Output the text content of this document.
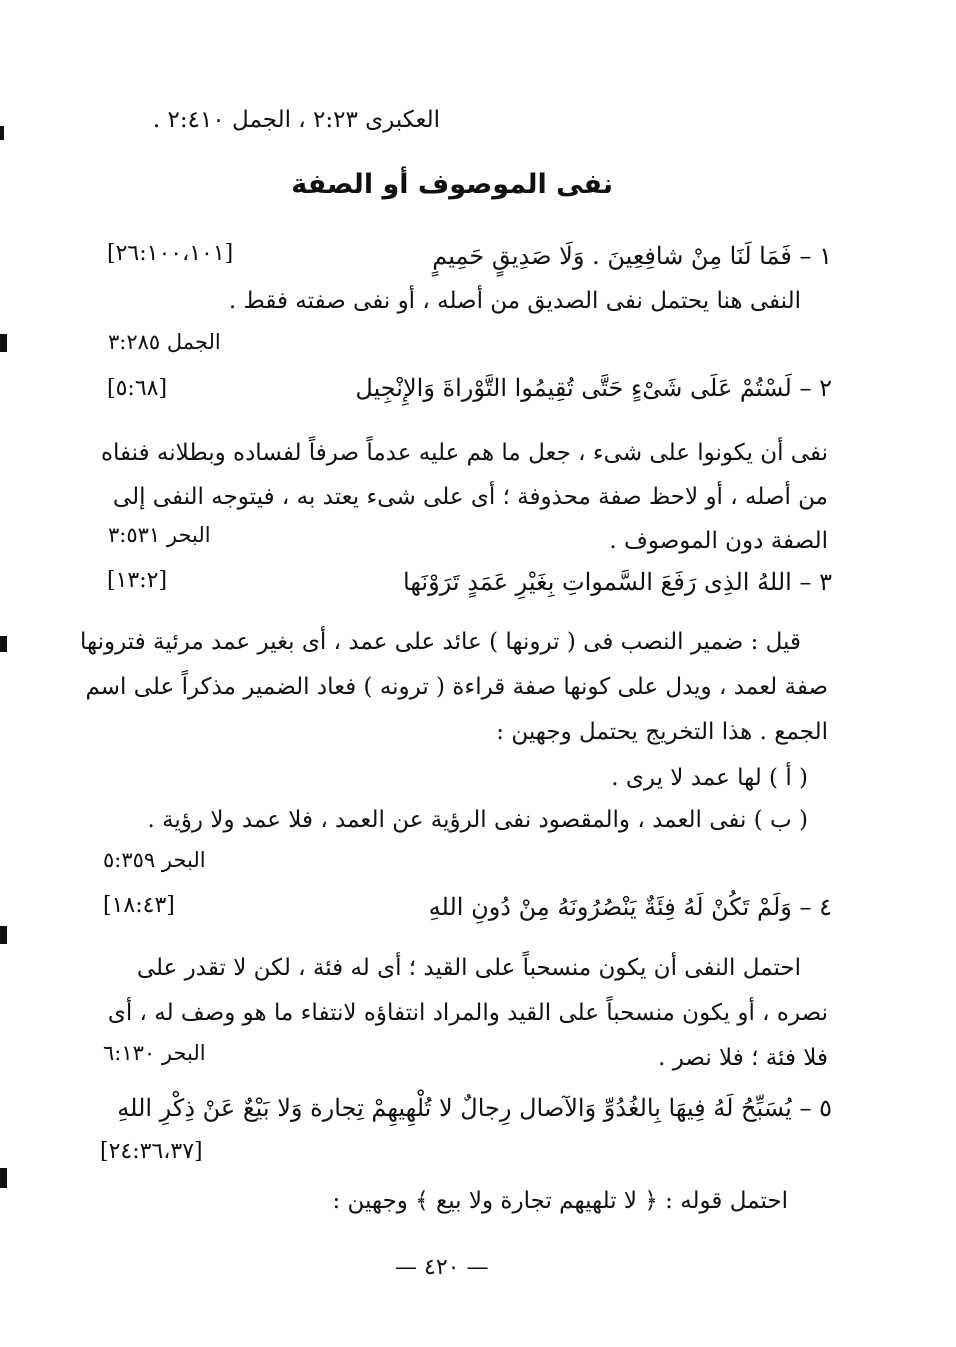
العكبرى ٢:٢٣ ، الجمل ٢:٤١٠ .
نفى الموصوف أو الصفة
١ – فَمَا لَنَا مِنْ شافِعِينَ . وَلَا صَدِيقٍ حَمِيمٍ
[٢٦:١٠٠،١٠١]
النفى هنا يحتمل نفى الصديق من أصله ، أو نفى صفته فقط .
الجمل ٣:٢٨٥
٢ – لَسْتُمْ عَلَى شَىْءٍ حَتَّى تُقِيمُوا التَّوْراةَ وَالإِنْجِيل
[٥:٦٨]
نفى أن يكونوا على شىء ، جعل ما هم عليه عدماً صرفاً لفساده وبطلانه فنفاه
من أصله ، أو لاحظ صفة محذوفة ؛ أى على شىء يعتد به ، فيتوجه النفى إلى
البحر ٣:٥٣١	الصفة دون الموصوف .
٣ – اللهُ الذِى رَفَعَ السَّمواتِ بِغَيْرِ عَمَدٍ تَرَوْنَها
[١٣:٢]
قيل : ضمير النصب فى ( ترونها ) عائد على عمد ، أى بغير عمد مرئية فترونها
صفة لعمد ، ويدل على كونها صفة قراءة ( ترونه ) فعاد الضمير مذكراً على اسم
الجمع . هذا التخريج يحتمل وجهين :
( أ ) لها عمد لا يرى .
( ب ) نفى العمد ، والمقصود نفى الرؤية عن العمد ، فلا عمد ولا رؤية .
البحر ٥:٣٥٩
٤ – وَلَمْ تَكُنْ لَهُ فِئَةٌ يَنْصُرُونَهُ مِنْ دُونِ اللهِ
[١٨:٤٣]
احتمل النفى أن يكون منسحباً على القيد ؛ أى له فئة ، لكن لا تقدر على
نصره ، أو يكون منسحباً على القيد والمراد انتفاؤه لانتفاء ما هو وصف له ، أى
البحر ٦:١٣٠	فلا فئة ؛ فلا نصر .
٥ – يُسَبِّحُ لَهُ فِيهَا بِالغُدُوِّ وَالآصال رِجالٌ لا تُلْهِيهِمْ تِجارة وَلا بَيْعٌ عَنْ ذِكْرِ اللهِ
[٢٤:٣٦،٣٧]
احتمل قوله : ﴿ لا تلهيهم تجارة ولا بيع ﴾ وجهين :
— ٤٢٠ —
